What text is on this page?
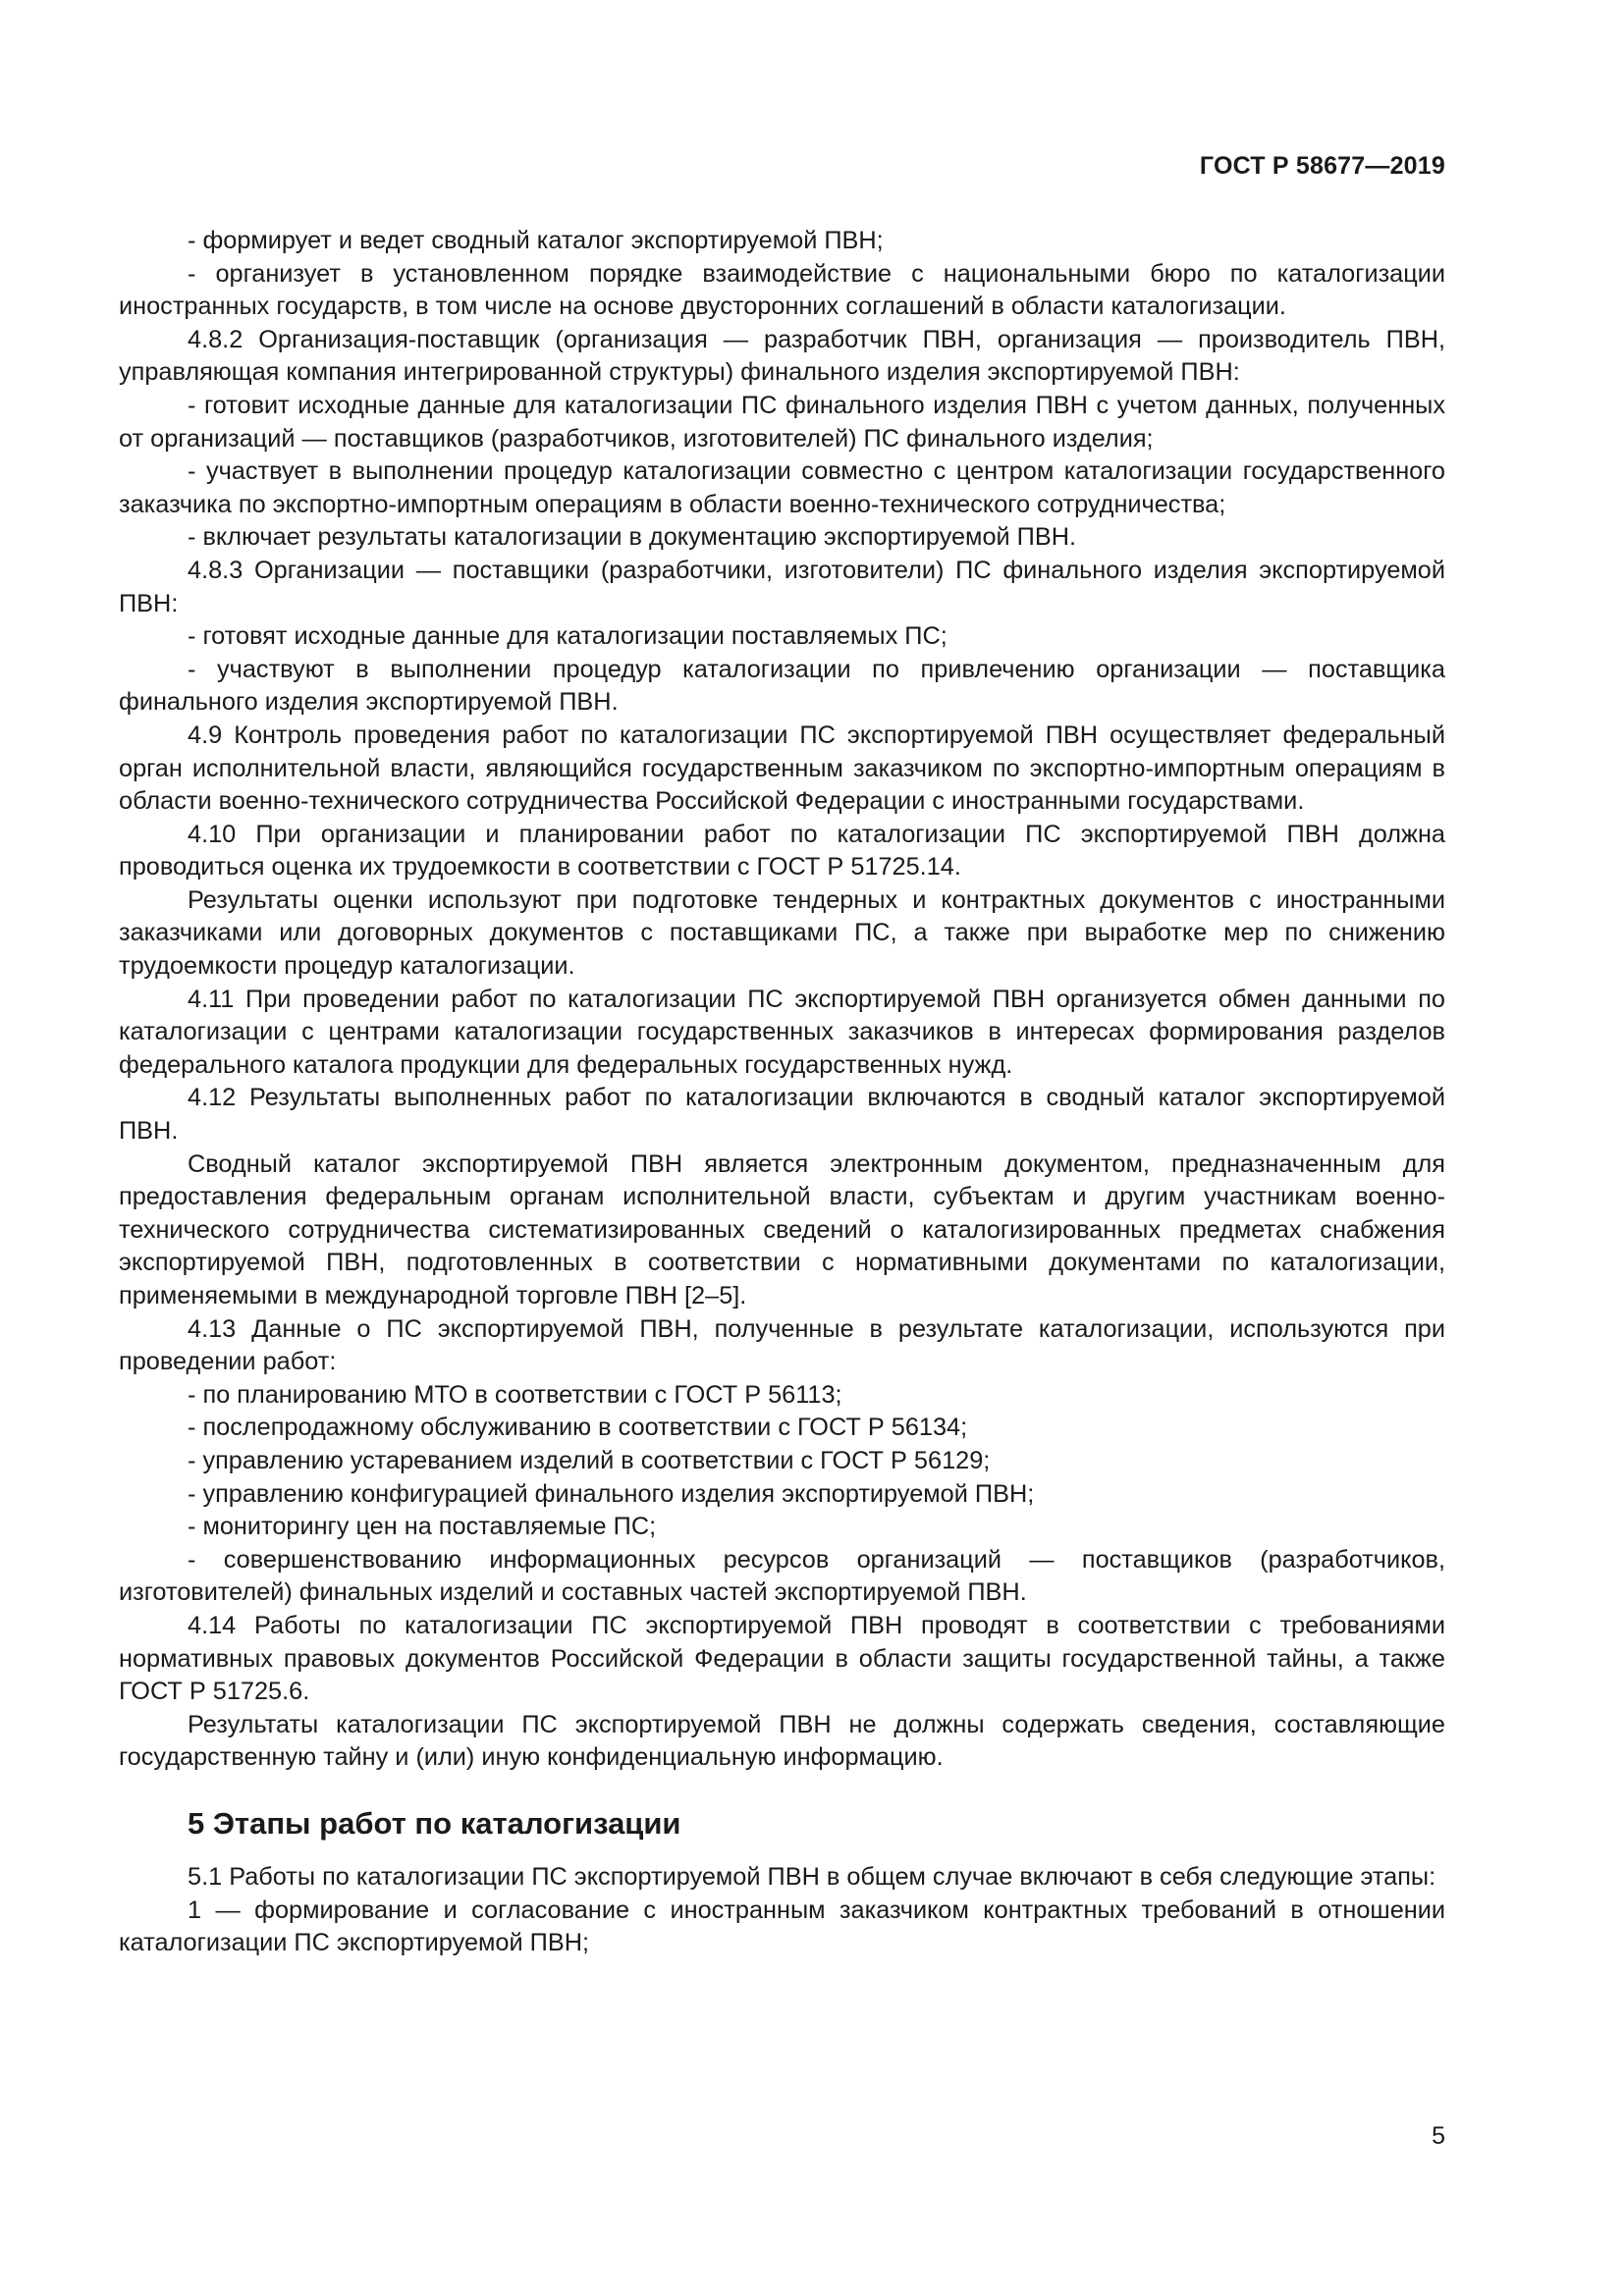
ГОСТ Р 58677—2019

- формирует и ведет сводный каталог экспортируемой ПВН;

- организует в установленном порядке взаимодействие с национальными бюро по каталогизации иностранных государств, в том числе на основе двусторонних соглашений в области каталогизации.

4.8.2 Организация-поставщик (организация — разработчик ПВН, организация — производитель ПВН, управляющая компания интегрированной структуры) финального изделия экспортируемой ПВН:

- готовит исходные данные для каталогизации ПС финального изделия ПВН с учетом данных, полученных от организаций — поставщиков (разработчиков, изготовителей) ПС финального изделия;

- участвует в выполнении процедур каталогизации совместно с центром каталогизации государственного заказчика по экспортно-импортным операциям в области военно-технического сотрудничества;

- включает результаты каталогизации в документацию экспортируемой ПВН.

4.8.3 Организации — поставщики (разработчики, изготовители) ПС финального изделия экспортируемой ПВН:

- готовят исходные данные для каталогизации поставляемых ПС;

- участвуют в выполнении процедур каталогизации по привлечению организации — поставщика финального изделия экспортируемой ПВН.

4.9 Контроль проведения работ по каталогизации ПС экспортируемой ПВН осуществляет федеральный орган исполнительной власти, являющийся государственным заказчиком по экспортно-импортным операциям в области военно-технического сотрудничества Российской Федерации с иностранными государствами.

4.10 При организации и планировании работ по каталогизации ПС экспортируемой ПВН должна проводиться оценка их трудоемкости в соответствии с ГОСТ Р 51725.14.

Результаты оценки используют при подготовке тендерных и контрактных документов с иностранными заказчиками или договорных документов с поставщиками ПС, а также при выработке мер по снижению трудоемкости процедур каталогизации.

4.11 При проведении работ по каталогизации ПС экспортируемой ПВН организуется обмен данными по каталогизации с центрами каталогизации государственных заказчиков в интересах формирования разделов федерального каталога продукции для федеральных государственных нужд.

4.12 Результаты выполненных работ по каталогизации включаются в сводный каталог экспортируемой ПВН.

Сводный каталог экспортируемой ПВН является электронным документом, предназначенным для предоставления федеральным органам исполнительной власти, субъектам и другим участникам военно-технического сотрудничества систематизированных сведений о каталогизированных предметах снабжения экспортируемой ПВН, подготовленных в соответствии с нормативными документами по каталогизации, применяемыми в международной торговле ПВН [2–5].

4.13 Данные о ПС экспортируемой ПВН, полученные в результате каталогизации, используются при проведении работ:

- по планированию МТО в соответствии с ГОСТ Р 56113;

- послепродажному обслуживанию в соответствии с ГОСТ Р 56134;

- управлению устареванием изделий в соответствии с ГОСТ Р 56129;

- управлению конфигурацией финального изделия экспортируемой ПВН;

- мониторингу цен на поставляемые ПС;

- совершенствованию информационных ресурсов организаций — поставщиков (разработчиков, изготовителей) финальных изделий и составных частей экспортируемой ПВН.

4.14 Работы по каталогизации ПС экспортируемой ПВН проводят в соответствии с требованиями нормативных правовых документов Российской Федерации в области защиты государственной тайны, а также ГОСТ Р 51725.6.

Результаты каталогизации ПС экспортируемой ПВН не должны содержать сведения, составляющие государственную тайну и (или) иную конфиденциальную информацию.

5 Этапы работ по каталогизации

5.1 Работы по каталогизации ПС экспортируемой ПВН в общем случае включают в себя следующие этапы:

1 — формирование и согласование с иностранным заказчиком контрактных требований в отношении каталогизации ПС экспортируемой ПВН;

5
